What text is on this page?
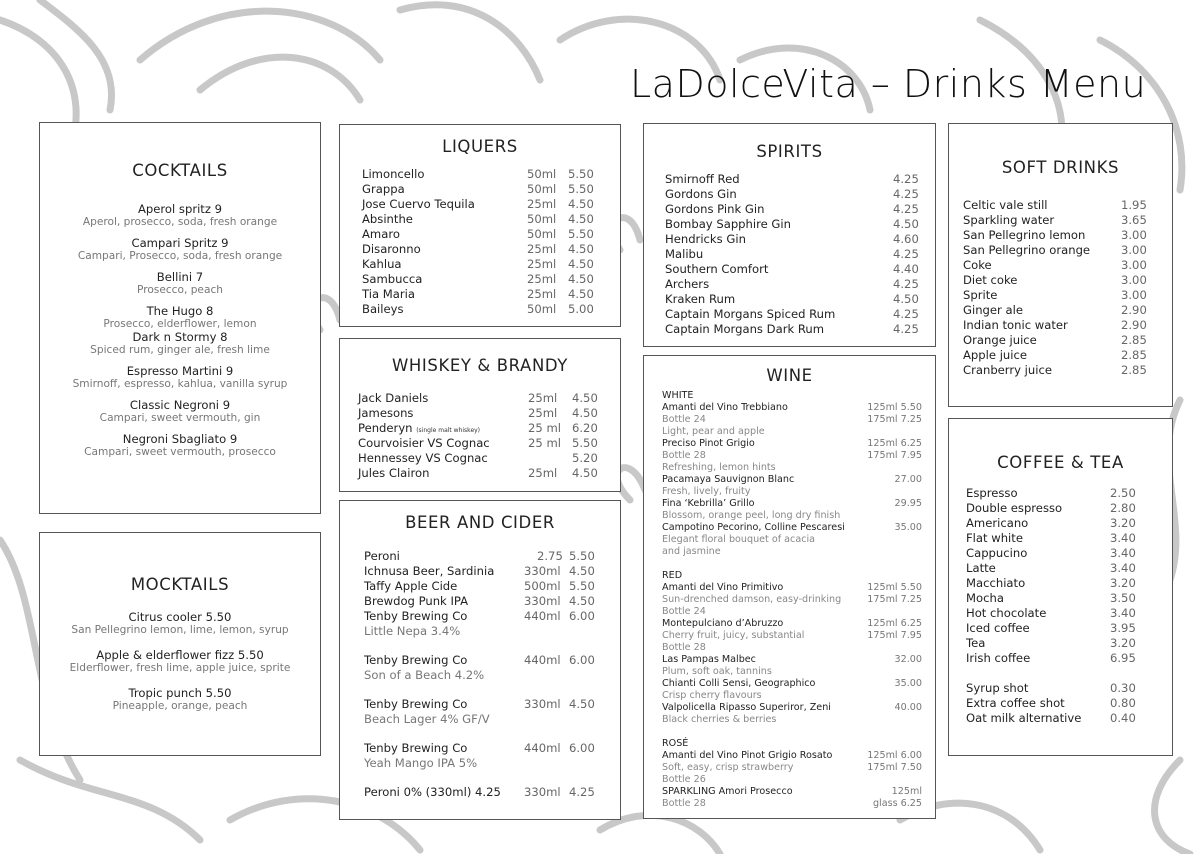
LaDolceVita – Drinks Menu
COCKTAILS
Aperol spritz 9
Aperol, prosecco, soda, fresh orange
Campari Spritz 9
Campari, Prosecco, soda, fresh orange
Bellini 7
Prosecco, peach
The Hugo 8
Prosecco, elderflower, lemon
Dark n Stormy 8
Spiced rum, ginger ale, fresh lime
Espresso Martini 9
Smirnoff, espresso, kahlua, vanilla syrup
Classic Negroni 9
Campari, sweet vermouth, gin
Negroni Sbagliato 9
Campari, sweet vermouth, prosecco
MOCKTAILS
Citrus cooler 5.50
San Pellegrino lemon, lime, lemon, syrup
Apple & elderflower fizz 5.50
Elderflower, fresh lime, apple juice, sprite
Tropic punch 5.50
Pineapple, orange, peach
LIQUERS
Limoncello	50ml 5.50
Grappa	50ml 5.50
Jose Cuervo Tequila	25ml 4.50
Absinthe	50ml 4.50
Amaro	50ml 5.50
Disaronno	25ml 4.50
Kahlua	25ml 4.50
Sambucca	25ml 4.50
Tia Maria	25ml 4.50
Baileys	50ml 5.00
WHISKEY & BRANDY
Jack Daniels	25ml 4.50
Jamesons	25ml 4.50
Penderyn (single malt whiskey)	25 ml 6.20
Courvoisier VS Cognac	25 ml 5.50
Hennessey VS Cognac	5.20
Jules Clairon	25ml 4.50
BEER AND CIDER
Peroni	2.75 5.50
Ichnusa Beer, Sardinia	330ml 4.50
Taffy Apple Cide	500ml 5.50
Brewdog Punk IPA	330ml 4.50
Tenby Brewing Co	440ml 6.00
Little Nepa 3.4%
Tenby Brewing Co	440ml 6.00
Son of a Beach 4.2%
Tenby Brewing Co	330ml 4.50
Beach Lager 4% GF/V
Tenby Brewing Co	440ml 6.00
Yeah Mango IPA 5%
Peroni 0% (330ml) 4.25 330ml 4.25
SPIRITS
Smirnoff Red	4.25
Gordons Gin	4.25
Gordons Pink Gin	4.25
Bombay Sapphire Gin	4.50
Hendricks Gin	4.60
Malibu	4.25
Southern Comfort	4.40
Archers	4.25
Kraken Rum	4.50
Captain Morgans Spiced Rum	4.25
Captain Morgans Dark Rum	4.25
WINE
WHITE
Amanti del Vino Trebbiano	125ml 5.50
Bottle 24	175ml 7.25
Light, pear and apple
Preciso Pinot Grigio	125ml 6.25
Bottle 28	175ml 7.95
Refreshing, lemon hints
Pacamaya Sauvignon Blanc	27.00
Fresh, lively, fruity
Fina ‘Kebrilla’ Grillo	29.95
Blossom, orange peel, long dry finish
Campotino Pecorino, Colline Pescaresi	35.00
Elegant floral bouquet of acacia
and jasmine
RED
Amanti del Vino Primitivo	125ml 5.50
Sun-drenched damson, easy-drinking	175ml 7.25
Bottle 24
Montepulciano d’Abruzzo	125ml 6.25
Cherry fruit, juicy, substantial	175ml 7.95
Bottle 28
Las Pampas Malbec	32.00
Plum, soft oak, tannins
Chianti Colli Sensi, Geographico	35.00
Crisp cherry flavours
Valpolicella Ripasso Superiror, Zeni	40.00
Black cherries & berries
ROSÉ
Amanti del Vino Pinot Grigio Rosato	125ml 6.00
Soft, easy, crisp strawberry	175ml 7.50
Bottle 26
SPARKLING Amori Prosecco	125ml
Bottle 28	glass 6.25
SOFT DRINKS
Celtic vale still	1.95
Sparkling water	3.65
San Pellegrino lemon	3.00
San Pellegrino orange	3.00
Coke	3.00
Diet coke	3.00
Sprite	3.00
Ginger ale	2.90
Indian tonic water	2.90
Orange juice	2.85
Apple juice	2.85
Cranberry juice	2.85
COFFEE & TEA
Espresso	2.50
Double espresso	2.80
Americano	3.20
Flat white	3.40
Cappucino	3.40
Latte	3.40
Macchiato	3.20
Mocha	3.50
Hot chocolate	3.40
Iced coffee	3.95
Tea	3.20
Irish coffee	6.95
Syrup shot	0.30
Extra coffee shot	0.80
Oat milk alternative 0.40
